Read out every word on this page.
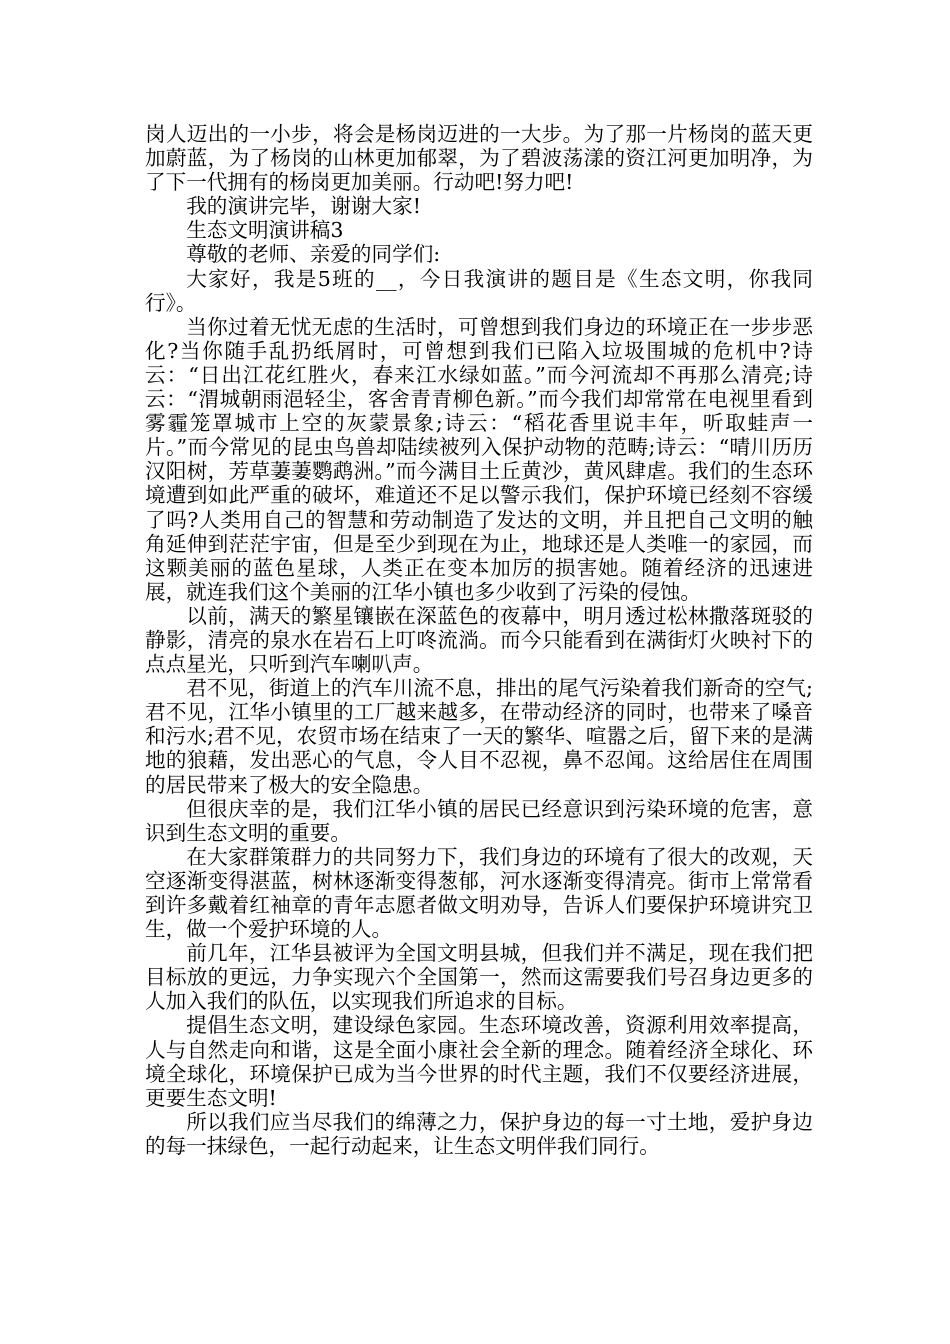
岗人迈出的一小步，将会是杨岗迈进的一大步。为了那一片杨岗的蓝天更加蔚蓝，为了杨岗的山林更加郁翠，为了碧波荡漾的资江河更加明净，为了下一代拥有的杨岗更加美丽。行动吧!努力吧!

我的演讲完毕，谢谢大家!

生态文明演讲稿3

尊敬的老师、亲爱的同学们:

大家好，我是5班的__，今日我演讲的题目是《生态文明，你我同行》。

当你过着无忧无虑的生活时，可曾想到我们身边的环境正在一步步恶化?当你随手乱扔纸屑时，可曾想到我们已陷入垃圾围城的危机中?诗云：“日出江花红胜火，春来江水绿如蓝。”而今河流却不再那么清亮;诗云：“渭城朝雨浥轻尘，客舍青青柳色新。”而今我们却常常在电视里看到雾霾笼罩城市上空的灰蒙景象;诗云：“稻花香里说丰年，听取蛙声一片。”而今常见的昆虫鸟兽却陆续被列入保护动物的范畴;诗云：“晴川历历汉阳树，芳草萋萋鹦鹉洲。”而今满目土丘黄沙，黄风肆虐。我们的生态环境遭到如此严重的破坏，难道还不足以警示我们，保护环境已经刻不容缓了吗?人类用自己的智慧和劳动制造了发达的文明，并且把自己文明的触角延伸到茫茫宇宙，但是至少到现在为止，地球还是人类唯一的家园，而这颗美丽的蓝色星球，人类正在变本加厉的损害她。随着经济的迅速进展，就连我们这个美丽的江华小镇也多少收到了污染的侵蚀。

以前，满天的繁星镶嵌在深蓝色的夜幕中，明月透过松林撒落斑驳的静影，清亮的泉水在岩石上叮咚流淌。而今只能看到在满街灯火映衬下的点点星光，只听到汽车喇叭声。

君不见，街道上的汽车川流不息，排出的尾气污染着我们新奇的空气;君不见，江华小镇里的工厂越来越多，在带动经济的同时，也带来了嗓音和污水;君不见，农贸市场在结束了一天的繁华、喧嚣之后，留下来的是满地的狼藉，发出恶心的气息，令人目不忍视，鼻不忍闻。这给居住在周围的居民带来了极大的安全隐患。

但很庆幸的是，我们江华小镇的居民已经意识到污染环境的危害，意识到生态文明的重要。

在大家群策群力的共同努力下，我们身边的环境有了很大的改观，天空逐渐变得湛蓝，树林逐渐变得葱郁，河水逐渐变得清亮。街市上常常看到许多戴着红袖章的青年志愿者做文明劝导，告诉人们要保护环境讲究卫生，做一个爱护环境的人。

前几年，江华县被评为全国文明县城，但我们并不满足，现在我们把目标放的更远，力争实现六个全国第一，然而这需要我们号召身边更多的人加入我们的队伍，以实现我们所追求的目标。

提倡生态文明，建设绿色家园。生态环境改善，资源利用效率提高，人与自然走向和谐，这是全面小康社会全新的理念。随着经济全球化、环境全球化，环境保护已成为当今世界的时代主题，我们不仅要经济进展，更要生态文明!

所以我们应当尽我们的绵薄之力，保护身边的每一寸土地，爱护身边的每一抹绿色，一起行动起来，让生态文明伴我们同行。
